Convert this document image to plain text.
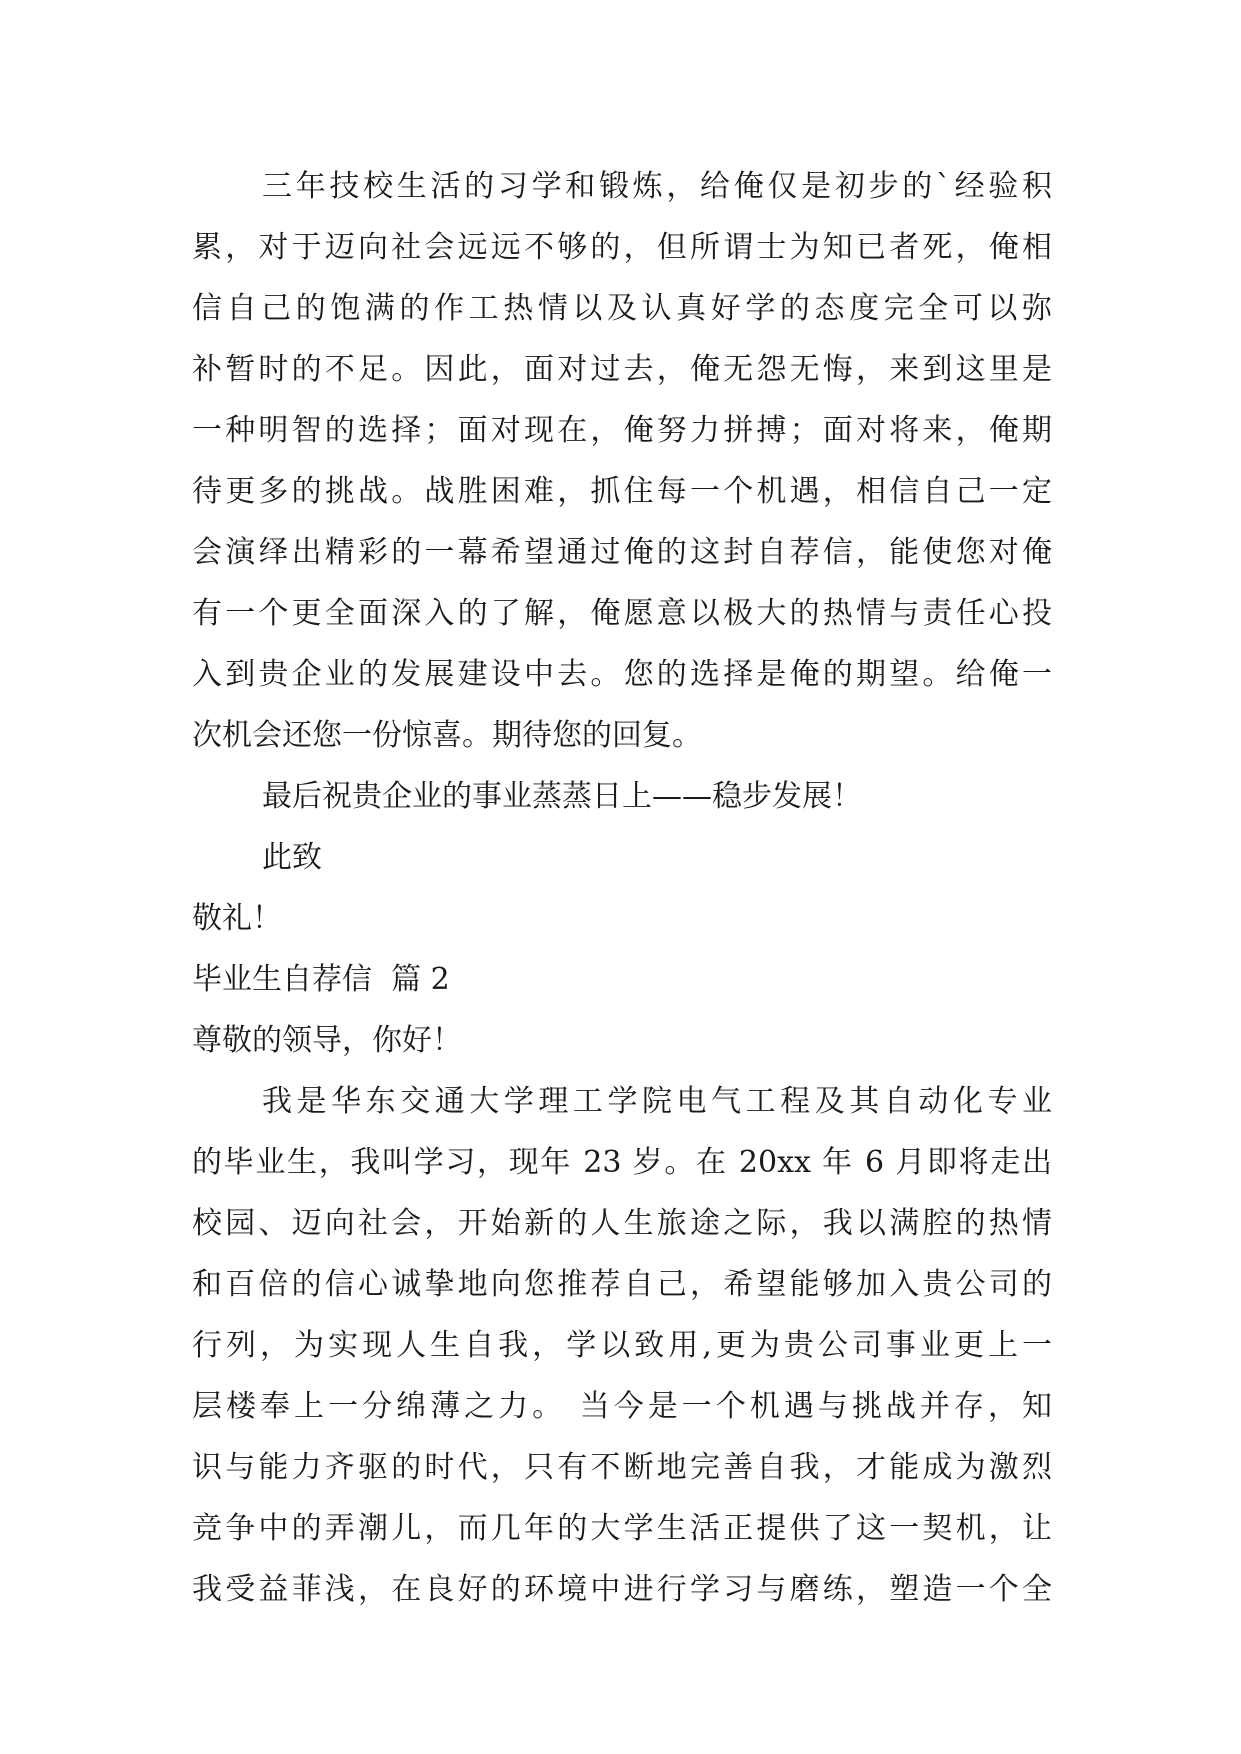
三年技校生活的习学和锻炼，给俺仅是初步的`经验积
累，对于迈向社会远远不够的，但所谓士为知已者死，俺相
信自己的饱满的作工热情以及认真好学的态度完全可以弥
补暂时的不足。因此，面对过去，俺无怨无悔，来到这里是
一种明智的选择；面对现在，俺努力拼搏；面对将来，俺期
待更多的挑战。战胜困难，抓住每一个机遇，相信自己一定
会演绎出精彩的一幕希望通过俺的这封自荐信，能使您对俺
有一个更全面深入的了解，俺愿意以极大的热情与责任心投
入到贵企业的发展建设中去。您的选择是俺的期望。给俺一
次机会还您一份惊喜。期待您的回复。
最后祝贵企业的事业蒸蒸日上——稳步发展！
此致
敬礼！
毕业生自荐信  篇 2
尊敬的领导，你好！
我是华东交通大学理工学院电气工程及其自动化专业
的毕业生，我叫学习，现年 23 岁。在 20xx 年 6 月即将走出
校园、迈向社会，开始新的人生旅途之际，我以满腔的热情
和百倍的信心诚挚地向您推荐自己，希望能够加入贵公司的
行列，为实现人生自我，学以致用,更为贵公司事业更上一
层楼奉上一分绵薄之力。 当今是一个机遇与挑战并存，知
识与能力齐驱的时代，只有不断地完善自我，才能成为激烈
竞争中的弄潮儿，而几年的大学生活正提供了这一契机，让
我受益菲浅，在良好的环境中进行学习与磨练，塑造一个全
